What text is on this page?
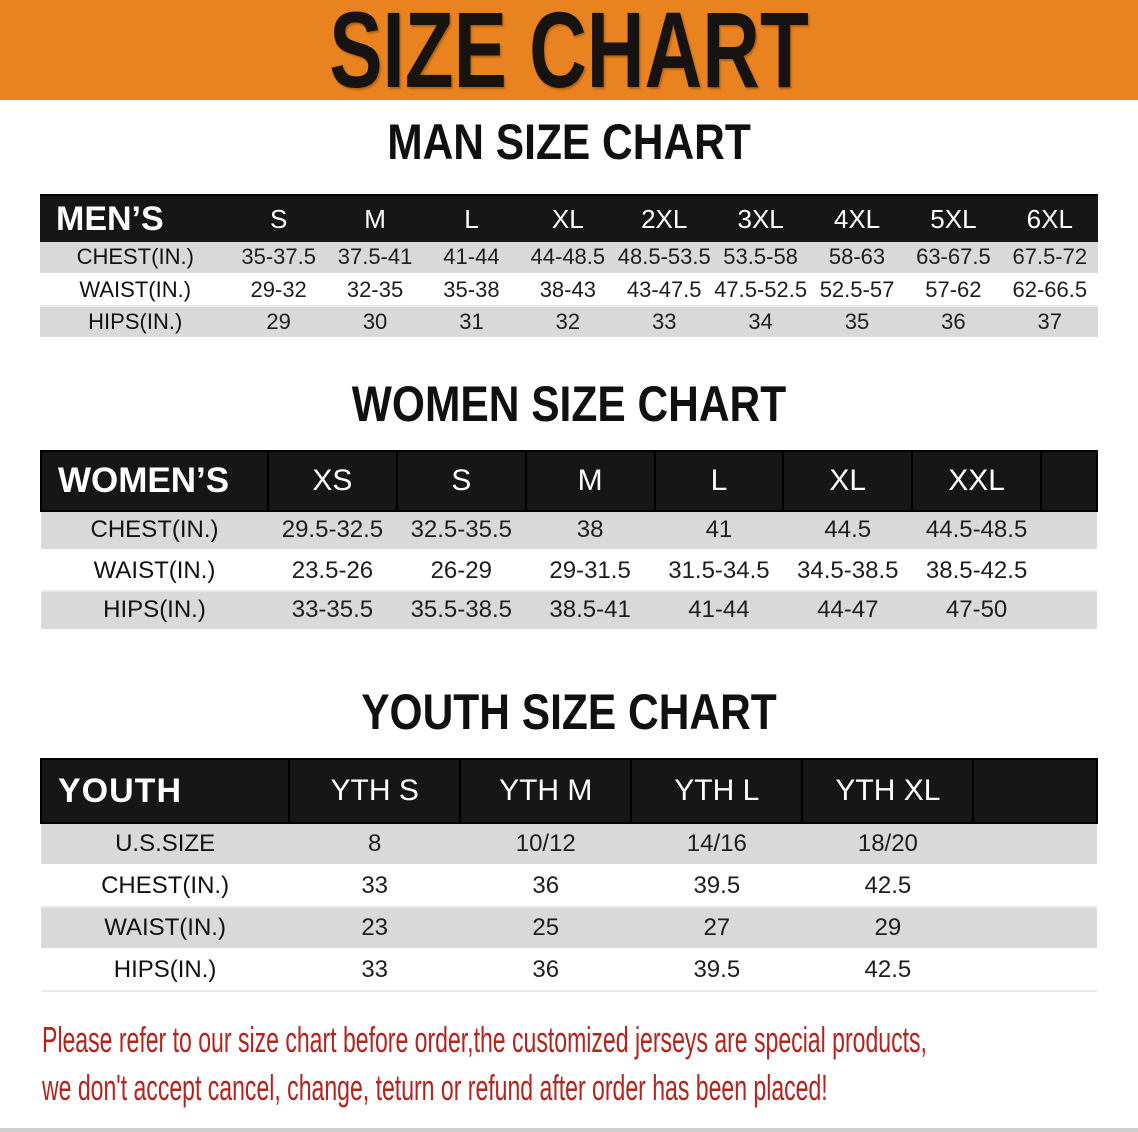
SIZE CHART
MAN SIZE CHART
MEN’S	S	M	L	XL	2XL	3XL	4XL	5XL	6XL
CHEST(IN.)	35-37.5	37.5-41	41-44	44-48.5	48.5-53.5	53.5-58	58-63	63-67.5	67.5-72
WAIST(IN.)	29-32	32-35	35-38	38-43	43-47.5	47.5-52.5	52.5-57	57-62	62-66.5
HIPS(IN.)	29	30	31	32	33	34	35	36	37
WOMEN SIZE CHART
WOMEN’S	XS	S	M	L	XL	XXL	
CHEST(IN.)	29.5-32.5	32.5-35.5	38	41	44.5	44.5-48.5	
WAIST(IN.)	23.5-26	26-29	29-31.5	31.5-34.5	34.5-38.5	38.5-42.5	
HIPS(IN.)	33-35.5	35.5-38.5	38.5-41	41-44	44-47	47-50	
YOUTH SIZE CHART
YOUTH	YTH S	YTH M	YTH L	YTH XL	
U.S.SIZE	8	10/12	14/16	18/20	
CHEST(IN.)	33	36	39.5	42.5	
WAIST(IN.)	23	25	27	29	
HIPS(IN.)	33	36	39.5	42.5	

Please refer to our size chart before order,the customized jerseys are special products,

we don't accept cancel, change, teturn or refund after order has been placed!
